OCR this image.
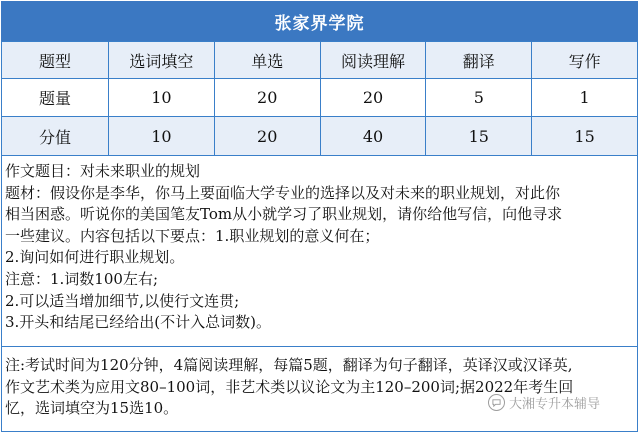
张家界学院
题型	选词填空	单选	阅读理解	翻译	写作
题量	10	20	20	5	1
分值	10	20	40	15	15
作文题目：对未来职业的规划
题材：假设你是李华，你马上要面临大学专业的选择以及对未来的职业规划，对此你
相当困惑。听说你的美国笔友Tom从小就学习了职业规划，请你给他写信，向他寻求
一些建议。内容包括以下要点：1.职业规划的意义何在；
2.询问如何进行职业规划。
注意：1.词数100左右;
2.可以适当增加细节,以使行文连贯;
3.开头和结尾已经给出(不计入总词数)。
注:考试时间为120分钟，4篇阅读理解，每篇5题，翻译为句子翻译，英译汉或汉译英,
作文艺术类为应用文80–100词，非艺术类以议论文为主120–200词;据2022年考生回
忆，选词填空为15选10。	大湘专升本辅导
